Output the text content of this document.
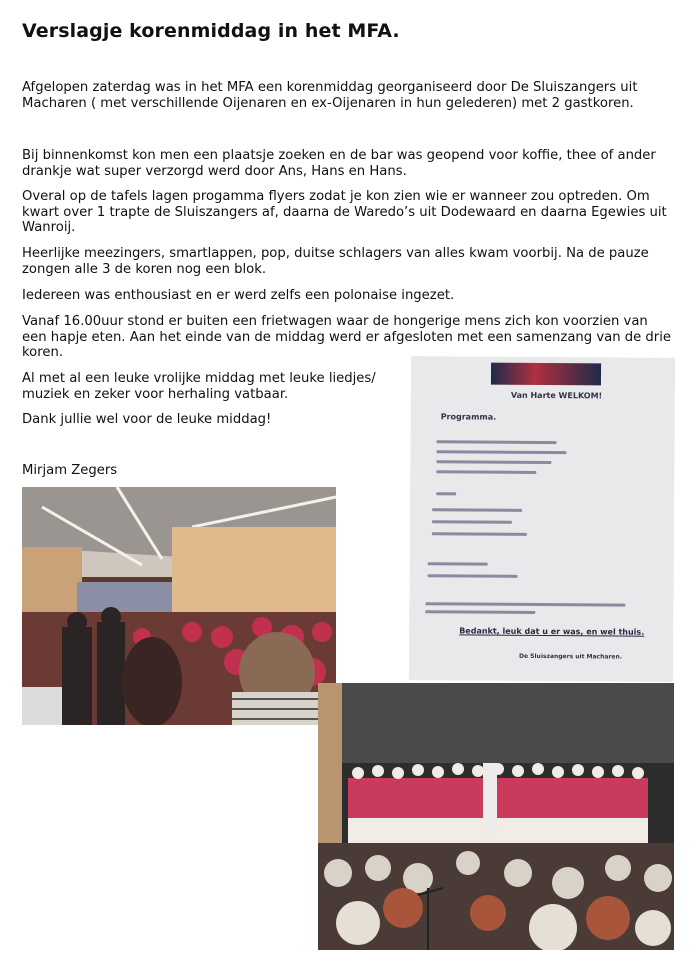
Verslagje korenmiddag in het MFA.
Afgelopen zaterdag was in het MFA een korenmiddag georganiseerd door De Sluiszangers uit Macharen ( met verschillende Oijenaren en ex-Oijenaren in hun gelederen) met 2 gastkoren.
Bij binnenkomst kon men een plaatsje zoeken en de bar was geopend voor koffie, thee of ander drankje wat super verzorgd werd door Ans, Hans en Hans.
Overal op de tafels lagen progamma flyers zodat je kon zien wie er wanneer zou optreden. Om kwart over 1 trapte de Sluiszangers af, daarna de Waredo’s uit Dodewaard en daarna Egewies uit Wanroij.
Heerlijke meezingers, smartlappen, pop, duitse schlagers van alles kwam voorbij. Na de pauze zongen alle 3 de koren nog een blok.
Iedereen was enthousiast en er werd zelfs een polonaise ingezet.
Vanaf 16.00uur stond er buiten een frietwagen waar de hongerige mens zich kon voorzien van een hapje eten. Aan het einde van de middag werd er afgesloten met een samenzang van de drie koren.
Al met al een leuke vrolijke middag met leuke liedjes/ muziek en zeker voor herhaling vatbaar.
Dank jullie wel voor de leuke middag!
Mirjam Zegers
Van Harte WELKOM!
Programma.
Bedankt, leuk dat u er was, en wel thuis.
De Sluiszangers uit Macharen.
